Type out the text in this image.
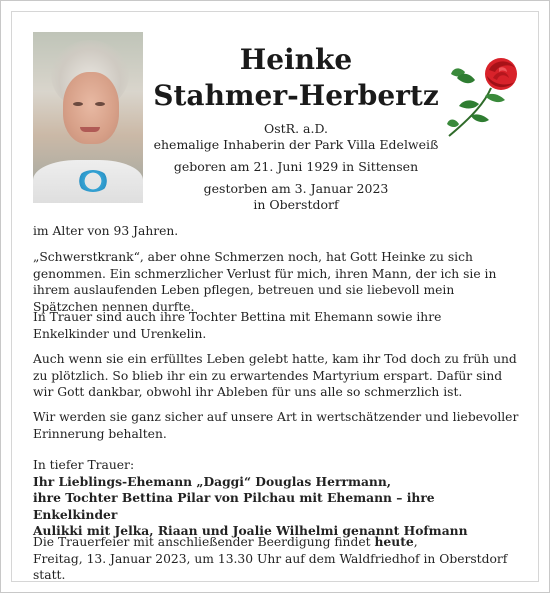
Heinke
Stahmer-Herbertz
OstR. a.D.
ehemalige Inhaberin der Park Villa Edelweiß
geboren am 21. Juni 1929 in Sittensen
gestorben am 3. Januar 2023
in Oberstdorf

im Alter von 93 Jahren.

„Schwerstkrank“, aber ohne Schmerzen noch, hat Gott Heinke zu sich genommen. Ein schmerzlicher Verlust für mich, ihren Mann, der ich sie in ihrem auslaufenden Leben pflegen, betreuen und sie liebevoll mein Spätzchen nennen durfte.

In Trauer sind auch ihre Tochter Bettina mit Ehemann sowie ihre Enkelkinder und Urenkelin.

Auch wenn sie ein erfülltes Leben gelebt hatte, kam ihr Tod doch zu früh und zu plötzlich. So blieb ihr ein zu erwartendes Martyrium erspart. Dafür sind wir Gott dankbar, obwohl ihr Ableben für uns alle so schmerzlich ist.

Wir werden sie ganz sicher auf unsere Art in wertschätzender und liebevoller Erinnerung behalten.

In tiefer Trauer:

Ihr Lieblings-Ehemann „Daggi“ Douglas Herrmann,

ihre Tochter Bettina Pilar von Pilchau mit Ehemann – ihre Enkelkinder

Aulikki mit Jelka, Riaan und Joalie Wilhelmi genannt Hofmann

Die Trauerfeier mit anschließender Beerdigung findet heute,

Freitag, 13. Januar 2023, um 13.30 Uhr auf dem Waldfriedhof in Oberstdorf statt.
